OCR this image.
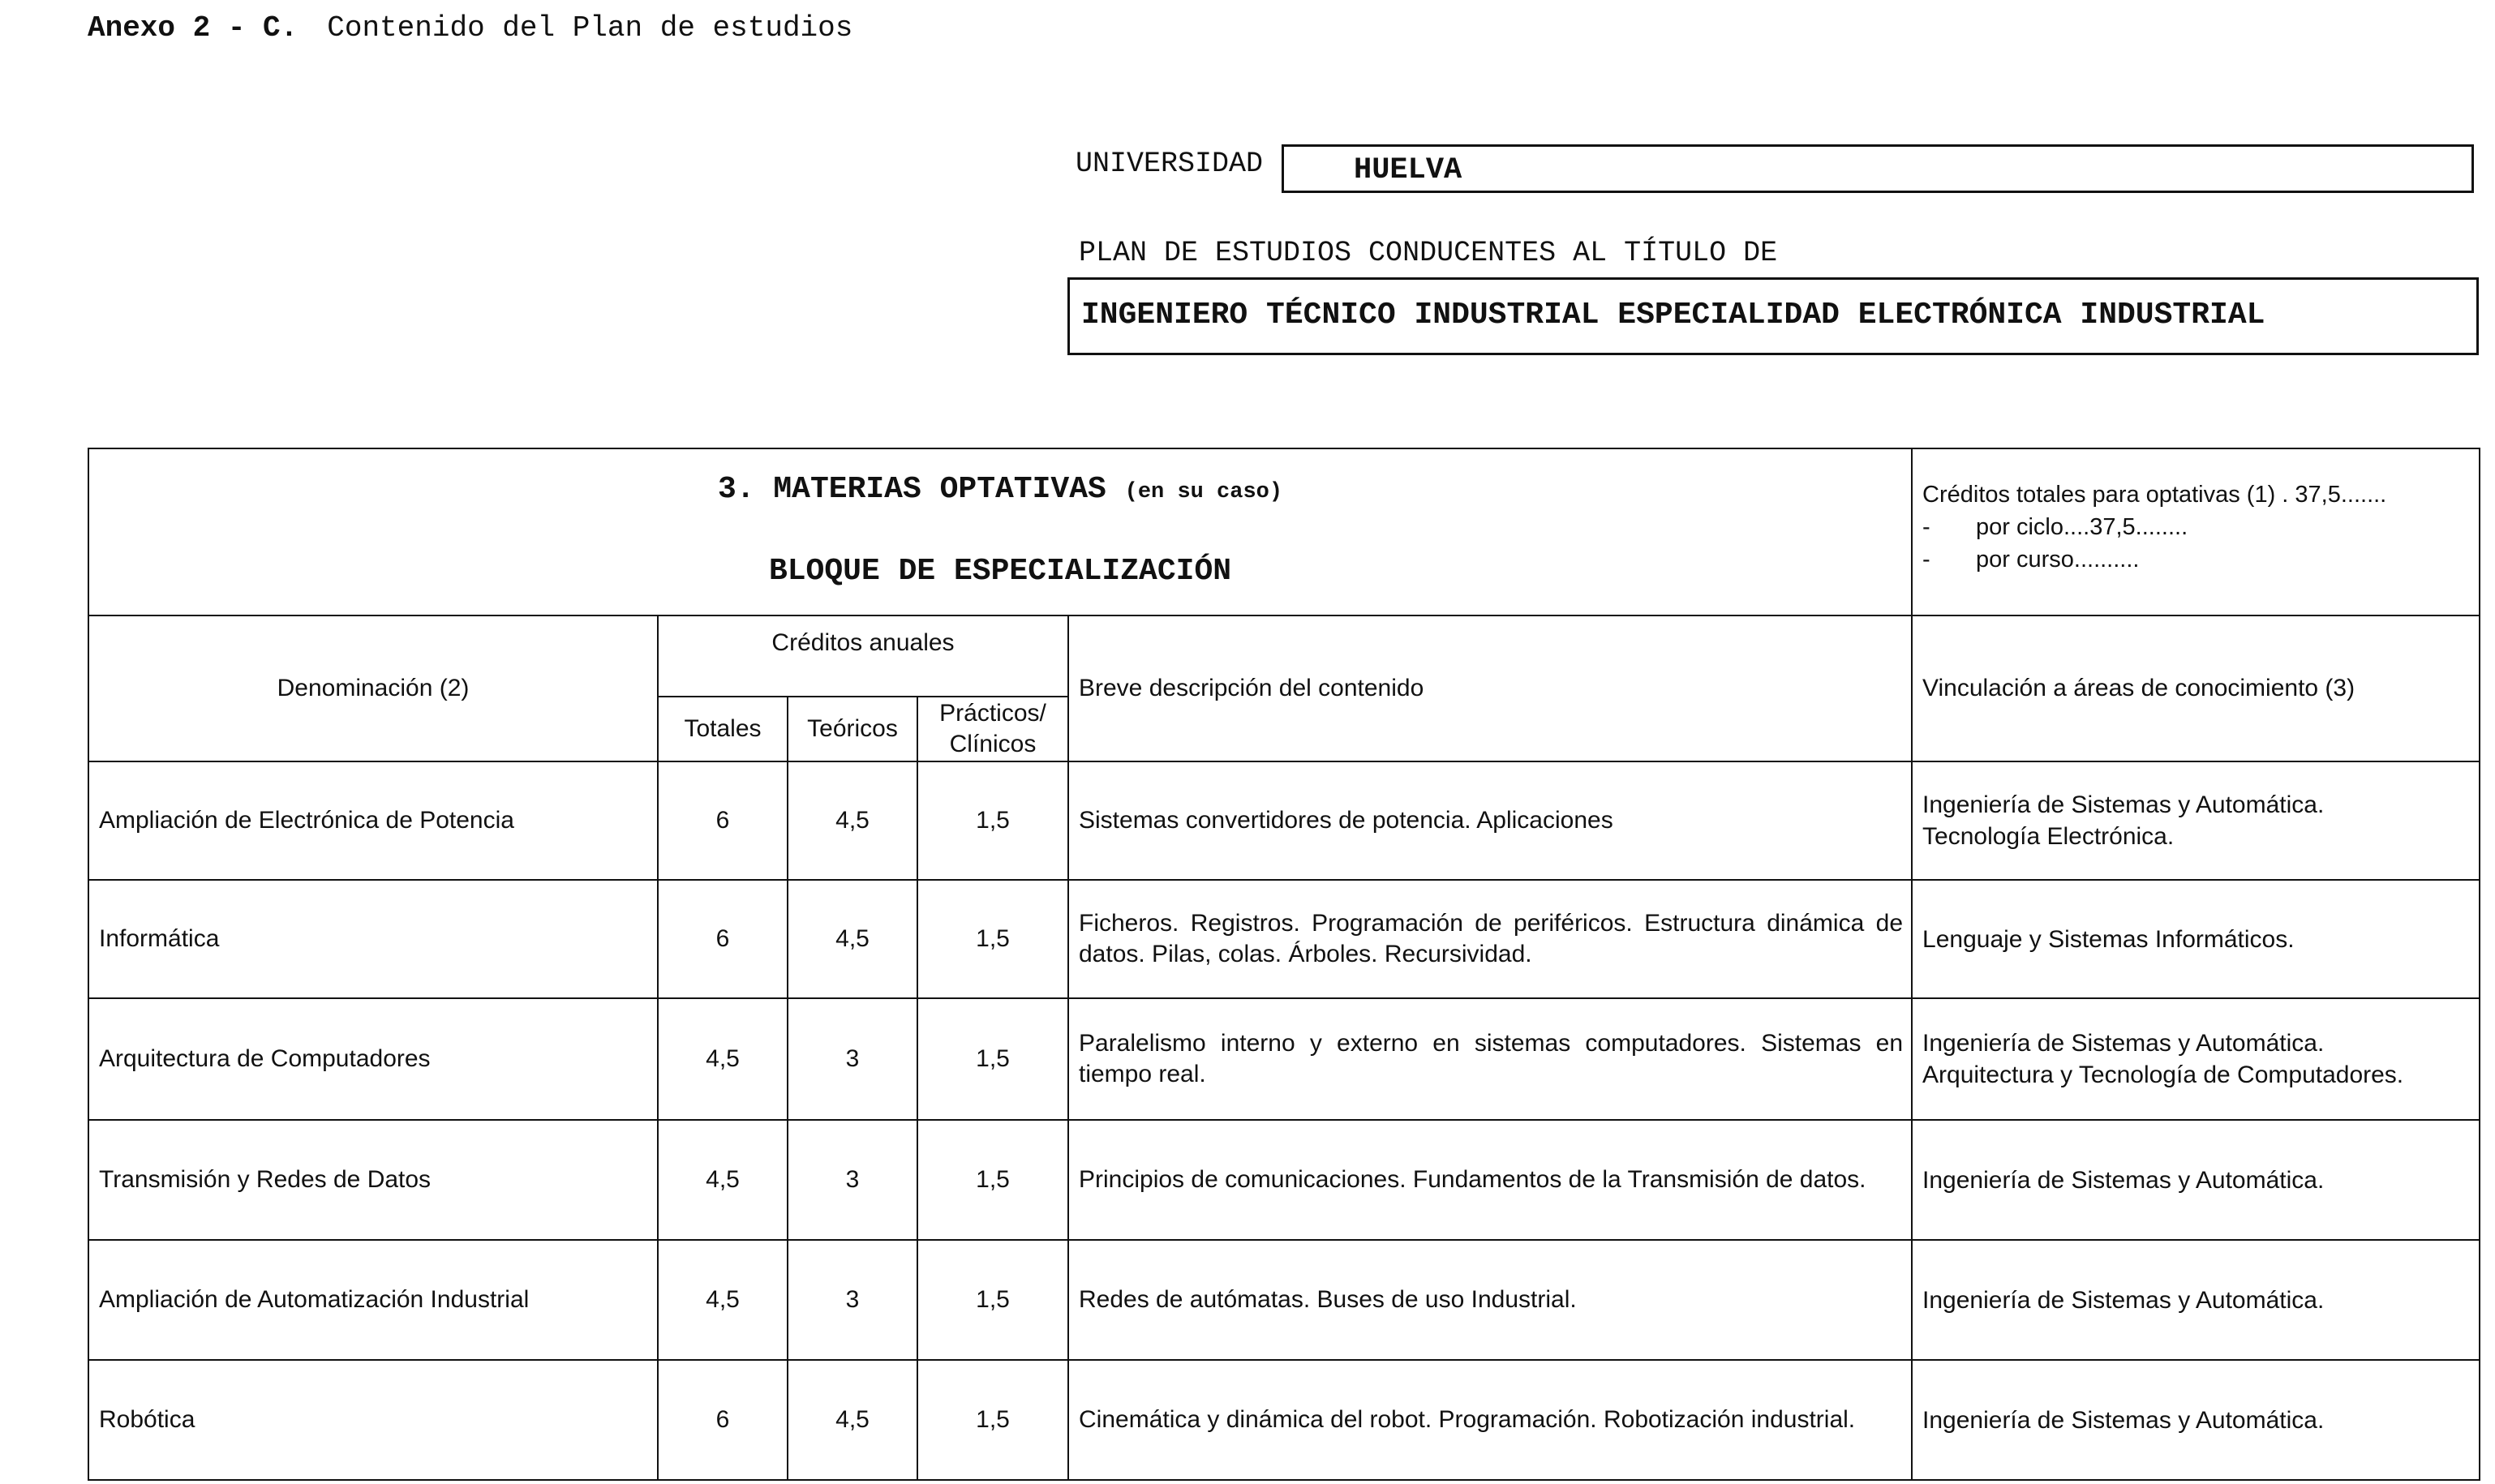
Anexo 2 - C. Contenido del Plan de estudios
UNIVERSIDAD	HUELVA
PLAN DE ESTUDIOS CONDUCENTES AL TÍTULO DE
INGENIERO TÉCNICO INDUSTRIAL ESPECIALIDAD ELECTRÓNICA INDUSTRIAL
3. MATERIAS OPTATIVAS (en su caso)
BLOQUE DE ESPECIALIZACIÓN					Créditos totales para optativas (1) . 37,5.......
- por ciclo....37,5........
- por curso..........

Denominación (2)	Créditos anuales			Breve descripción del contenido	Vinculación a áreas de conocimiento (3)
	Totales	Teóricos	Prácticos/
Clínicos		
Ampliación de Electrónica de Potencia	6	4,5	1,5	Sistemas convertidores de potencia. Aplicaciones	Ingeniería de Sistemas y Automática.
Tecnología Electrónica.
Informática	6	4,5	1,5	Ficheros. Registros. Programación de periféricos. Estructura dinámica de datos. Pilas, colas. Árboles. Recursividad.	Lenguaje y Sistemas Informáticos.
Arquitectura de Computadores	4,5	3	1,5	Paralelismo interno y externo en sistemas computadores. Sistemas en tiempo real.	Ingeniería de Sistemas y Automática.
Arquitectura y Tecnología de Computadores.
Transmisión y Redes de Datos	4,5	3	1,5	Principios de comunicaciones. Fundamentos de la Transmisión de datos.	Ingeniería de Sistemas y Automática.
Ampliación de Automatización Industrial	4,5	3	1,5	Redes de autómatas. Buses de uso Industrial.	Ingeniería de Sistemas y Automática.
Robótica	6	4,5	1,5	Cinemática y dinámica del robot. Programación. Robotización industrial.	Ingeniería de Sistemas y Automática.
